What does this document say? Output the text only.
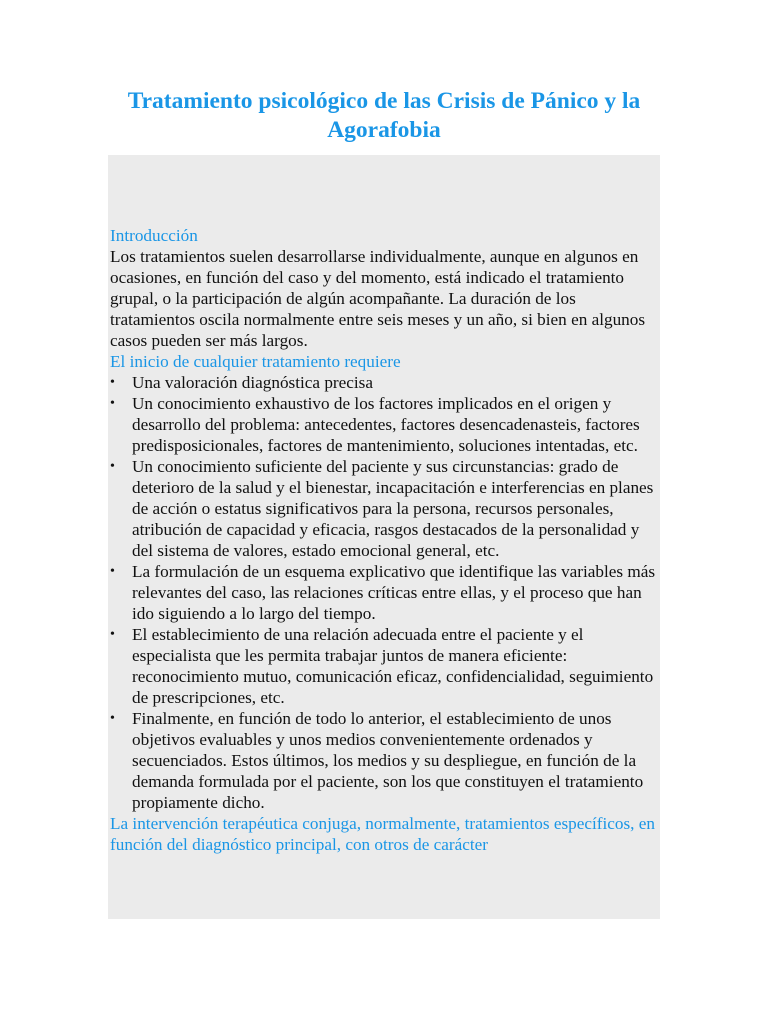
Tratamiento psicológico de las Crisis de Pánico y la Agorafobia

Introducción

Los tratamientos suelen desarrollarse individualmente, aunque en algunos en ocasiones, en función del caso y del momento, está indicado el tratamiento grupal, o la participación de algún acompañante. La duración de los tratamientos oscila normalmente entre seis meses y un año, si bien en algunos casos pueden ser más largos.

El inicio de cualquier tratamiento requiere

• Una valoración diagnóstica precisa
• Un conocimiento exhaustivo de los factores implicados en el origen y desarrollo del problema: antecedentes, factores desencadenasteis, factores predisposicionales, factores de mantenimiento, soluciones intentadas, etc.
• Un conocimiento suficiente del paciente y sus circunstancias: grado de deterioro de la salud y el bienestar, incapacitación e interferencias en planes de acción o estatus significativos para la persona, recursos personales, atribución de capacidad y eficacia, rasgos destacados de la personalidad y del sistema de valores, estado emocional general, etc.
• La formulación de un esquema explicativo que identifique las variables más relevantes del caso, las relaciones críticas entre ellas, y el proceso que han ido siguiendo a lo largo del tiempo.
• El establecimiento de una relación adecuada entre el paciente y el especialista que les permita trabajar juntos de manera eficiente: reconocimiento mutuo, comunicación eficaz, confidencialidad, seguimiento de prescripciones, etc.
• Finalmente, en función de todo lo anterior, el establecimiento de unos objetivos evaluables y unos medios convenientemente ordenados y secuenciados. Estos últimos, los medios y su despliegue, en función de la demanda formulada por el paciente, son los que constituyen el tratamiento propiamente dicho.

La intervención terapéutica conjuga, normalmente, tratamientos específicos, en función del diagnóstico principal, con otros de carácter
